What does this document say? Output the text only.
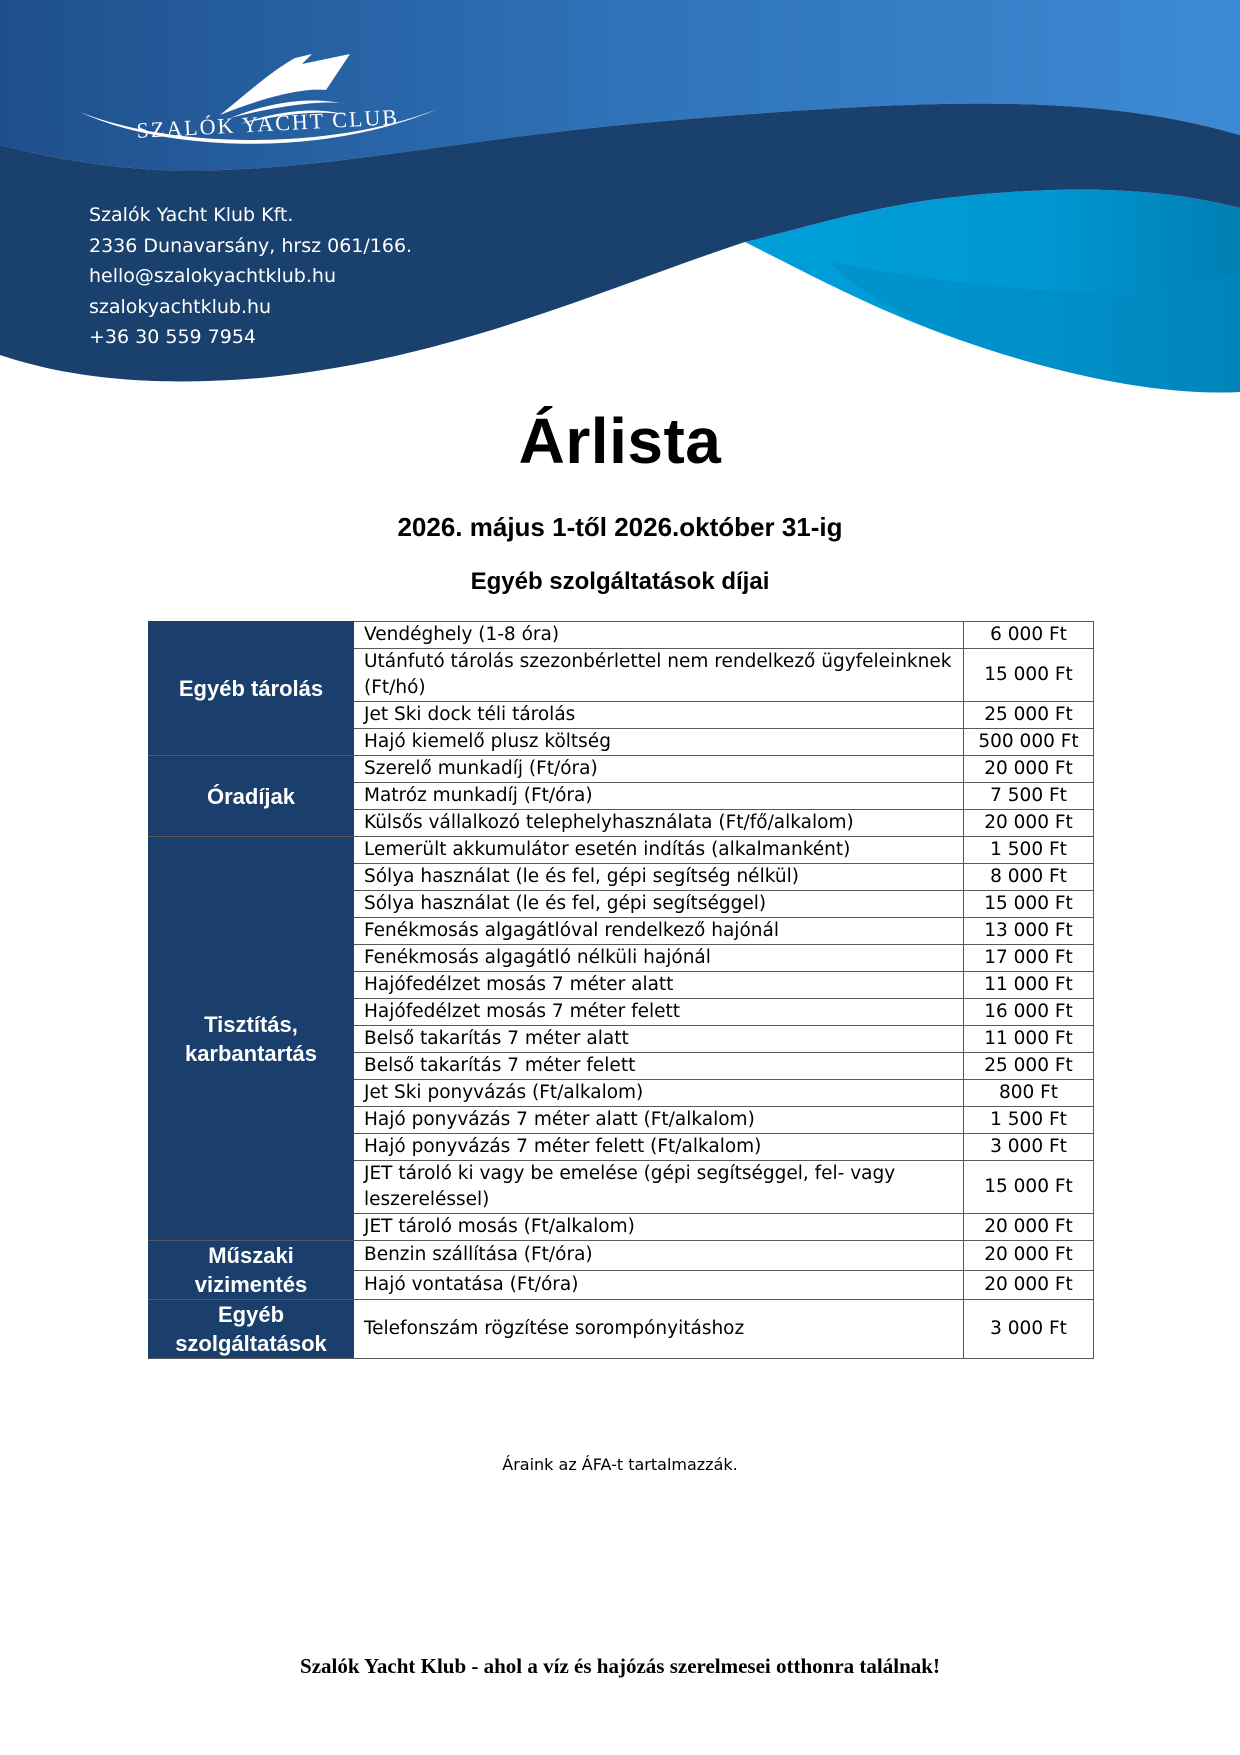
SZALÓK YACHT CLUB
Szalók Yacht Klub Kft.
2336 Dunavarsány, hrsz 061/166.
hello@szalokyachtklub.hu
szalokyachtklub.hu
+36 30 559 7954
Árlista
2026. május 1-től 2026.október 31-ig
Egyéb szolgáltatások díjai
Egyéb tárolás	Vendéghely (1-8 óra)	6 000 Ft
	Utánfutó tárolás szezonbérlettel nem rendelkező ügyfeleinknek (Ft/hó)	15 000 Ft
	Jet Ski dock téli tárolás	25 000 Ft
	Hajó kiemelő plusz költség	500 000 Ft
Óradíjak	Szerelő munkadíj (Ft/óra)	20 000 Ft
	Matróz munkadíj (Ft/óra)	7 500 Ft
	Külsős vállalkozó telephelyhasználata (Ft/fő/alkalom)	20 000 Ft
Tisztítás, karbantartás	Lemerült akkumulátor esetén indítás (alkalmanként)	1 500 Ft
	Sólya használat (le és fel, gépi segítség nélkül)	8 000 Ft
	Sólya használat (le és fel, gépi segítséggel)	15 000 Ft
	Fenékmosás algagátlóval rendelkező hajónál	13 000 Ft
	Fenékmosás algagátló nélküli hajónál	17 000 Ft
	Hajófedélzet mosás 7 méter alatt	11 000 Ft
	Hajófedélzet mosás 7 méter felett	16 000 Ft
	Belső takarítás 7 méter alatt	11 000 Ft
	Belső takarítás 7 méter felett	25 000 Ft
	Jet Ski ponyvázás (Ft/alkalom)	800 Ft
	Hajó ponyvázás 7 méter alatt (Ft/alkalom)	1 500 Ft
	Hajó ponyvázás 7 méter felett (Ft/alkalom)	3 000 Ft
	JET tároló ki vagy be emelése (gépi segítséggel, fel- vagy leszereléssel)	15 000 Ft
	JET tároló mosás (Ft/alkalom)	20 000 Ft
Műszaki vizimentés	Benzin szállítása (Ft/óra)	20 000 Ft
	Hajó vontatása (Ft/óra)	20 000 Ft
Egyéb szolgáltatások	Telefonszám rögzítése sorompónyitáshoz	3 000 Ft
Áraink az ÁFA-t tartalmazzák.
Szalók Yacht Klub - ahol a víz és hajózás szerelmesei otthonra találnak!
